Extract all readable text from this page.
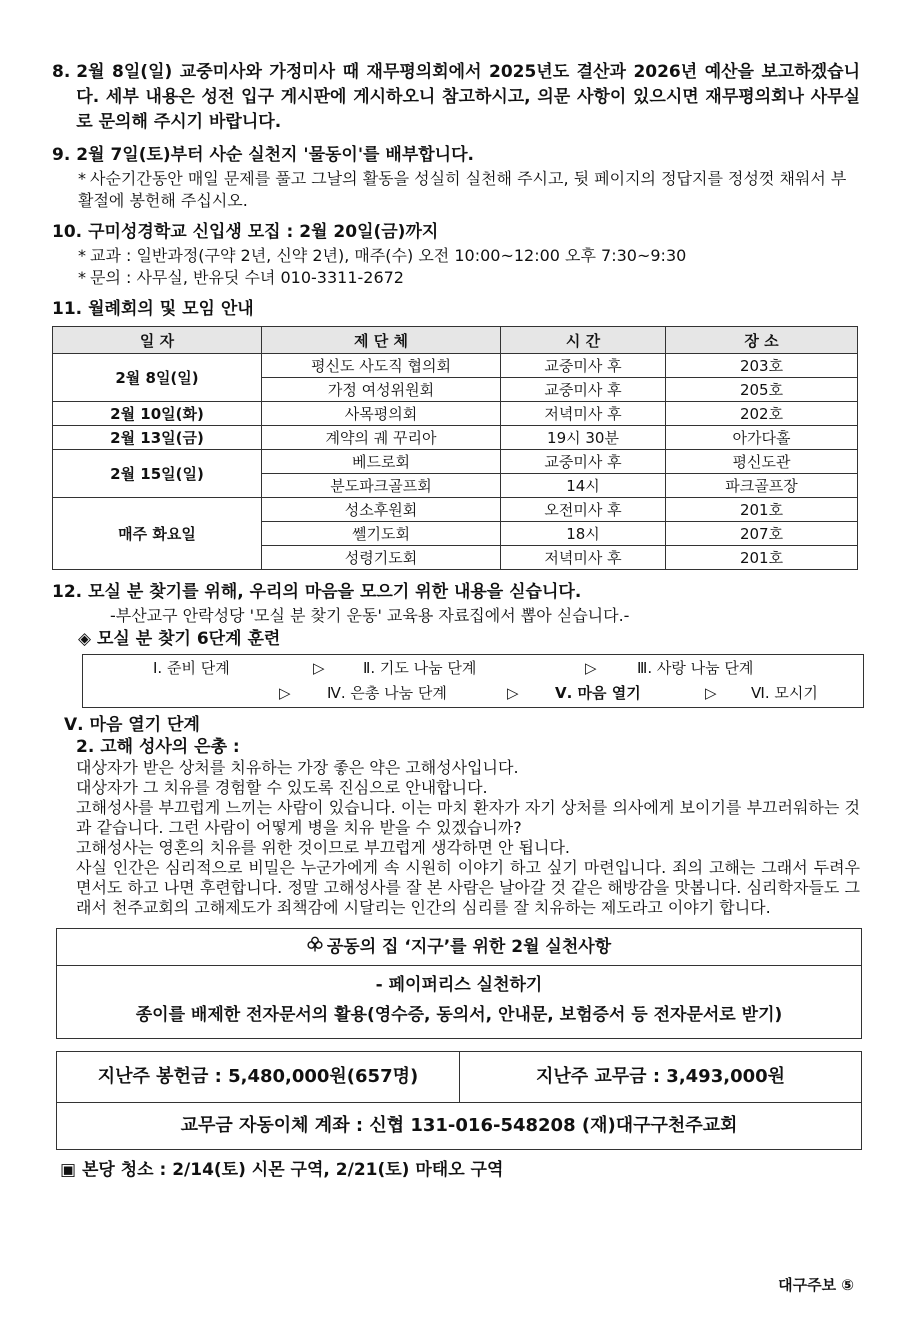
8. 2월 8일(일) 교중미사와 가정미사 때 재무평의회에서 2025년도 결산과 2026년 예산을 보고하겠습니다. 세부 내용은 성전 입구 게시판에 게시하오니 참고하시고, 의문 사항이 있으시면 재무평의회나 사무실로 문의해 주시기 바랍니다.
9. 2월 7일(토)부터 사순 실천지 '물동이'를 배부합니다.
* 사순기간동안 매일 문제를 풀고 그날의 활동을 성실히 실천해 주시고, 뒷 페이지의 정답지를 정성껏 채워서 부활절에 봉헌해 주십시오.
10. 구미성경학교 신입생 모집 : 2월 20일(금)까지
* 교과 : 일반과정(구약 2년, 신약 2년), 매주(수) 오전 10:00~12:00 오후 7:30~9:30
* 문의 : 사무실, 반유딧 수녀 010-3311-2672
11. 월례회의 및 모임 안내
일 자	제 단 체	시 간	장 소
2월 8일(일)	평신도 사도직 협의회	교중미사 후	203호
	가정 여성위원회	교중미사 후	205호
2월 10일(화)	사목평의회	저녁미사 후	202호
2월 13일(금)	계약의 궤 꾸리아	19시 30분	아가다홀
2월 15일(일)	베드로회	교중미사 후	평신도관
	분도파크골프회	14시	파크골프장
매주 화요일	성소후원회	오전미사 후	201호
	쎌기도회	18시	207호
	성령기도회	저녁미사 후	201호
12. 모실 분 찾기를 위해, 우리의 마음을 모으기 위한 내용을 싣습니다.
-부산교구 안락성당 '모실 분 찾기 운동' 교육용 자료집에서 뽑아 싣습니다.-
◈ 모실 분 찾기 6단계 훈련
Ⅰ. 준비 단계	▷	Ⅱ. 기도 나눔 단계	▷	Ⅲ. 사랑 나눔 단계
▷	Ⅳ. 은총 나눔 단계	▷	Ⅴ. 마음 열기	▷	Ⅵ. 모시기
Ⅴ. 마음 열기 단계
2. 고해 성사의 은총 :
대상자가 받은 상처를 치유하는 가장 좋은 약은 고해성사입니다.
대상자가 그 치유를 경험할 수 있도록 진심으로 안내합니다.
고해성사를 부끄럽게 느끼는 사람이 있습니다. 이는 마치 환자가 자기 상처를 의사에게 보이기를 부끄러워하는 것과 같습니다. 그런 사람이 어떻게 병을 치유 받을 수 있겠습니까?
고해성사는 영혼의 치유를 위한 것이므로 부끄럽게 생각하면 안 됩니다.
사실 인간은 심리적으로 비밀은 누군가에게 속 시원히 이야기 하고 싶기 마련입니다. 죄의 고해는 그래서 두려우면서도 하고 나면 후련합니다. 정말 고해성사를 잘 본 사람은 날아갈 것 같은 해방감을 맛봅니다. 심리학자들도 그래서 천주교회의 고해제도가 죄책감에 시달리는 인간의 심리를 잘 치유하는 제도라고 이야기 합니다.
공동의 집 ‘지구’를 위한 2월 실천사항
- 페이퍼리스 실천하기
종이를 배제한 전자문서의 활용(영수증, 동의서, 안내문, 보험증서 등 전자문서로 받기)
지난주 봉헌금 : 5,480,000원(657명)	지난주 교무금 : 3,493,000원
교무금 자동이체 계좌 : 신협 131-016-548208 (재)대구구천주교회
▣ 본당 청소 : 2/14(토) 시몬 구역, 2/21(토) 마태오 구역
대구주보 ⑤
